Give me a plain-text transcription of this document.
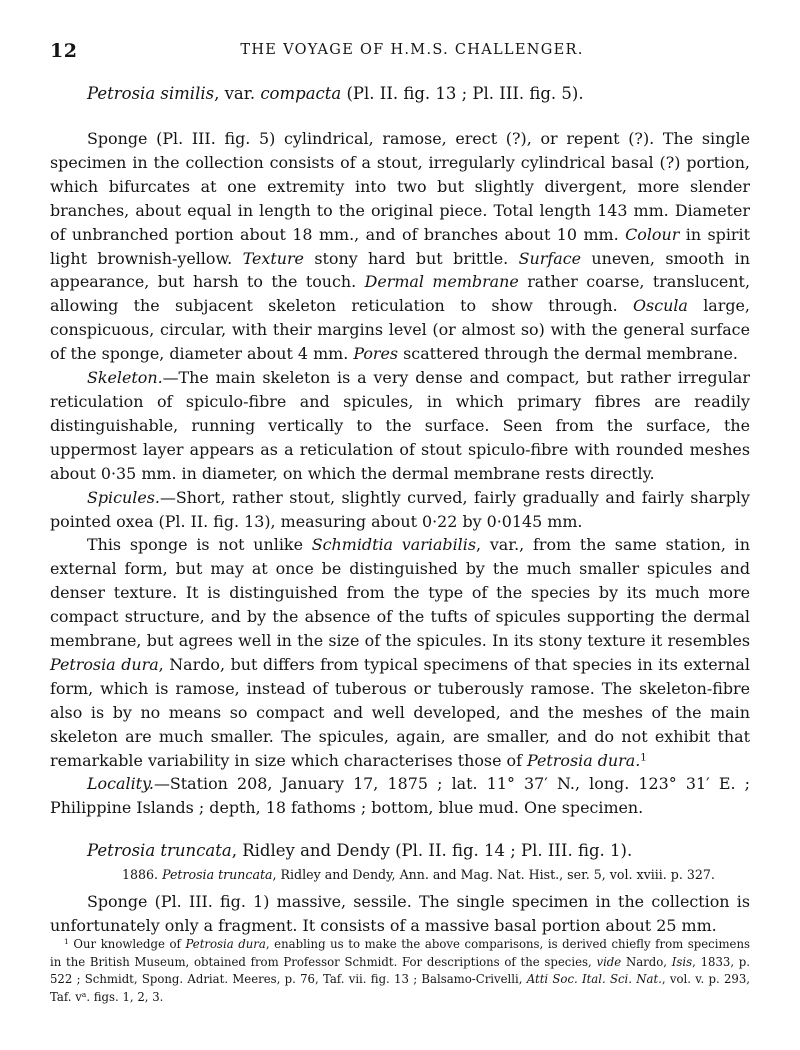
12	THE VOYAGE OF H.M.S. CHALLENGER.

Petrosia similis, var. compacta (Pl. II. fig. 13 ; Pl. III. fig. 5).

Sponge (Pl. III. fig. 5) cylindrical, ramose, erect (?), or repent (?). The single specimen in the collection consists of a stout, irregularly cylindrical basal (?) portion, which bifurcates at one extremity into two but slightly divergent, more slender branches, about equal in length to the original piece. Total length 143 mm. Diameter of unbranched portion about 18 mm., and of branches about 10 mm. Colour in spirit light brownish-yellow. Texture stony hard but brittle. Surface uneven, smooth in appearance, but harsh to the touch. Dermal membrane rather coarse, translucent, allowing the subjacent skeleton reticulation to show through. Oscula large, conspicuous, circular, with their margins level (or almost so) with the general surface of the sponge, diameter about 4 mm. Pores scattered through the dermal membrane.

Skeleton.—The main skeleton is a very dense and compact, but rather irregular reticulation of spiculo-fibre and spicules, in which primary fibres are readily distinguishable, running vertically to the surface. Seen from the surface, the uppermost layer appears as a reticulation of stout spiculo-fibre with rounded meshes about 0·35 mm. in diameter, on which the dermal membrane rests directly.

Spicules.—Short, rather stout, slightly curved, fairly gradually and fairly sharply pointed oxea (Pl. II. fig. 13), measuring about 0·22 by 0·0145 mm.

This sponge is not unlike Schmidtia variabilis, var., from the same station, in external form, but may at once be distinguished by the much smaller spicules and denser texture. It is distinguished from the type of the species by its much more compact structure, and by the absence of the tufts of spicules supporting the dermal membrane, but agrees well in the size of the spicules. In its stony texture it resembles Petrosia dura, Nardo, but differs from typical specimens of that species in its external form, which is ramose, instead of tuberous or tuberously ramose. The skeleton-fibre also is by no means so compact and well developed, and the meshes of the main skeleton are much smaller. The spicules, again, are smaller, and do not exhibit that remarkable variability in size which characterises those of Petrosia dura.$^1$

Locality.—Station 208, January 17, 1875 ; lat. 11° 37′ N., long. 123° 31′ E. ; Philippine Islands ; depth, 18 fathoms ; bottom, blue mud. One specimen.

Petrosia truncata, Ridley and Dendy (Pl. II. fig. 14 ; Pl. III. fig. 1).

1886. Petrosia truncata, Ridley and Dendy, Ann. and Mag. Nat. Hist., ser. 5, vol. xviii. p. 327.

Sponge (Pl. III. fig. 1) massive, sessile. The single specimen in the collection is unfortunately only a fragment. It consists of a massive basal portion about 25 mm.

$^1$ Our knowledge of Petrosia dura, enabling us to make the above comparisons, is derived chiefly from specimens in the British Museum, obtained from Professor Schmidt. For descriptions of the species, vide Nardo, Isis, 1833, p. 522 ; Schmidt, Spong. Adriat. Meeres, p. 76, Taf. vii. fig. 13 ; Balsamo-Crivelli, Atti Soc. Ital. Sci. Nat., vol. v. p. 293, Taf. $v^a$. figs. 1, 2, 3.
